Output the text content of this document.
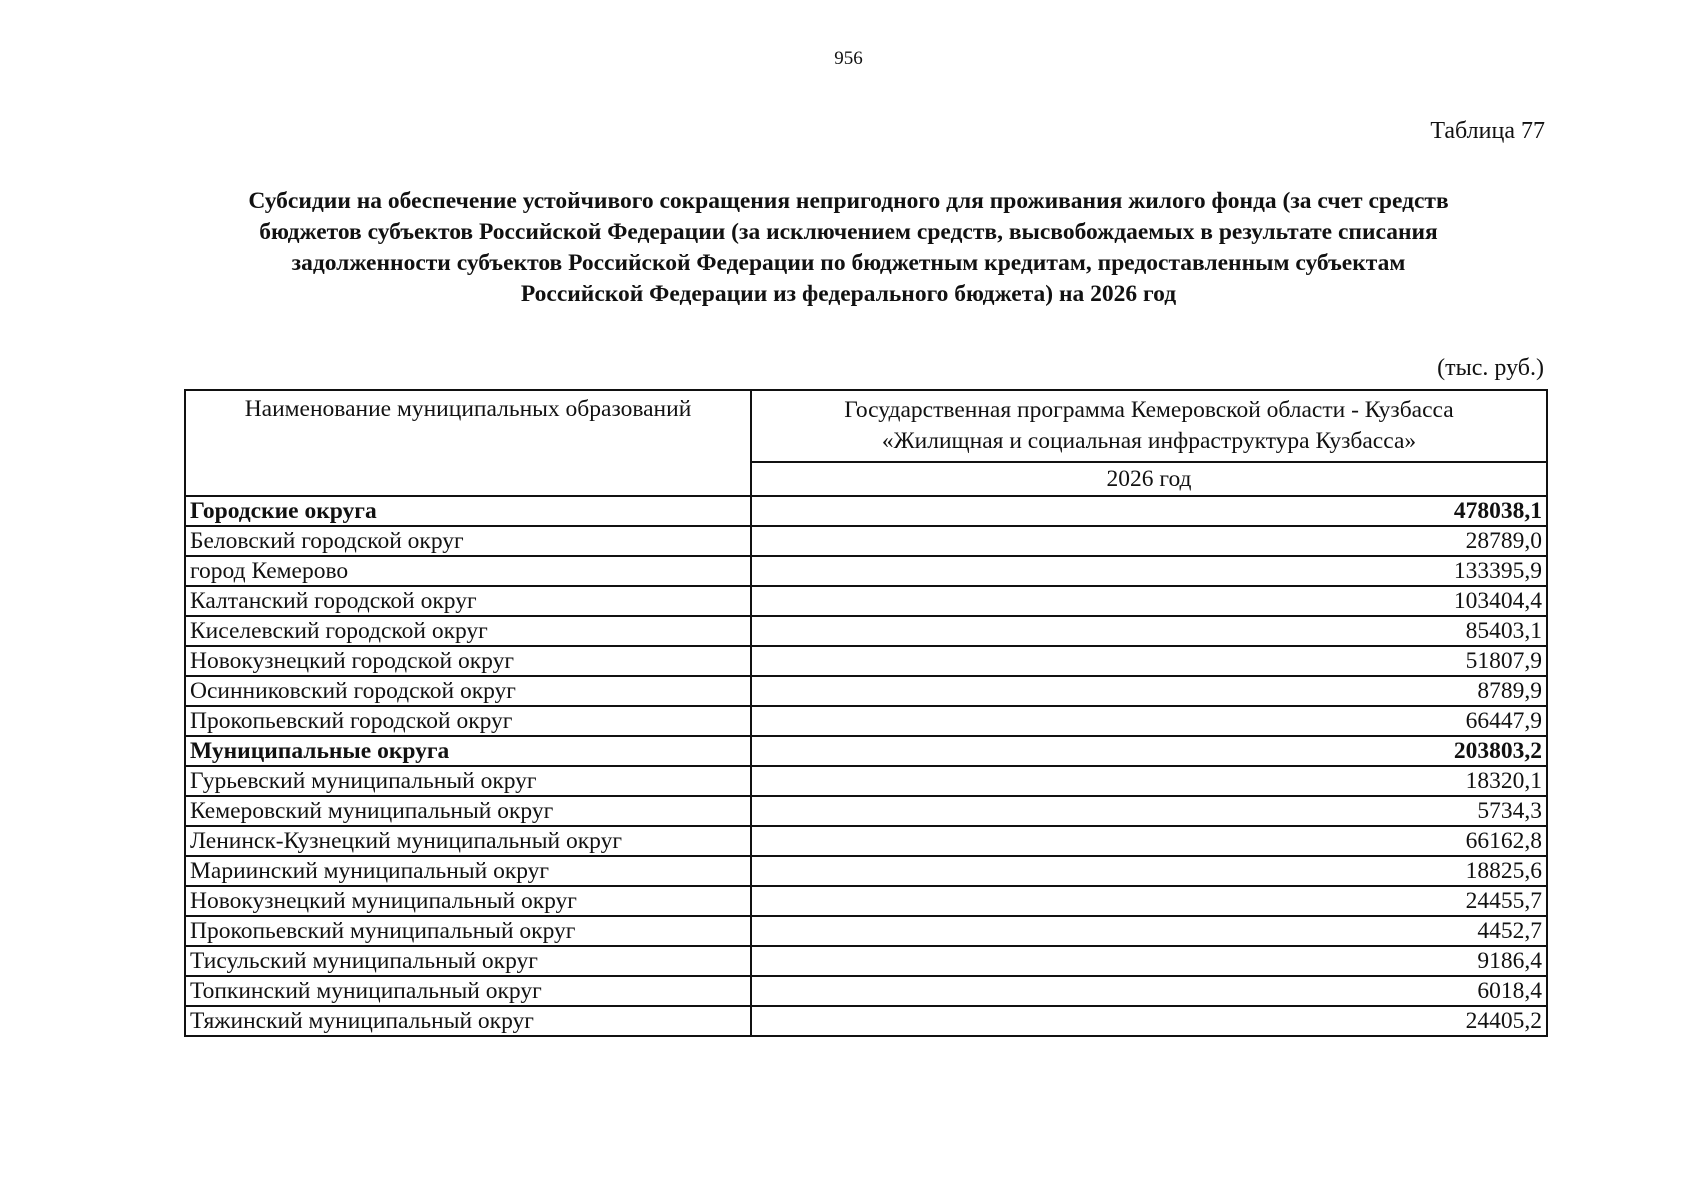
956
Таблица 77
Субсидии на обеспечение устойчивого сокращения непригодного для проживания жилого фонда (за счет средств
бюджетов субъектов Российской Федерации (за исключением средств, высвобождаемых в результате списания
задолженности субъектов Российской Федерации по бюджетным кредитам, предоставленным субъектам
Российской Федерации из федерального бюджета) на 2026 год
(тыс. руб.)
Наименование муниципальных образований	Государственная программа Кемеровской области - Кузбасса
«Жилищная и социальная инфраструктура Кузбасса»

	2026 год
Городские округа	478038,1
Беловский городской округ	28789,0
город Кемерово	133395,9
Калтанский городской округ	103404,4
Киселевский городской округ	85403,1
Новокузнецкий городской округ	51807,9
Осинниковский городской округ	8789,9
Прокопьевский городской округ	66447,9
Муниципальные округа	203803,2
Гурьевский муниципальный округ	18320,1
Кемеровский муниципальный округ	5734,3
Ленинск-Кузнецкий муниципальный округ	66162,8
Мариинский муниципальный округ	18825,6
Новокузнецкий муниципальный округ	24455,7
Прокопьевский муниципальный округ	4452,7
Тисульский муниципальный округ	9186,4
Топкинский муниципальный округ	6018,4
Тяжинский муниципальный округ	24405,2
